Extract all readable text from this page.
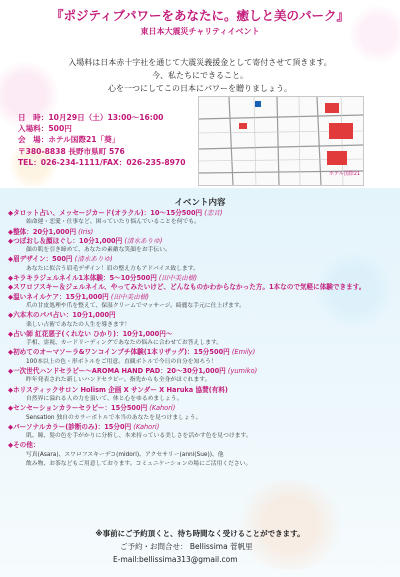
『ポジティブパワーをあなたに。癒しと美のパーク』
東日本大震災チャリティイベント
入場料は日本赤十字社を通じて大震災義援金として寄付させて頂きます。
今、私たちにできること。
心を一つにしてこの日本にパワーを贈りましょう。
日　時：10月29日（土）13:00〜16:00
入場料：500円
会　場：ホテル国際21「葵」
〒380-8838 長野市県町 576
TEL：026-234-1111/FAX：026-235-8970
ホテル国際21
イベント内容
◆タロット占い、メッセージカード(オラクル)：10〜15分500円 (恋音)
始命運・恋愛・仕事など、困っていたり悩んでいることを何でも。
◆整体：20分1,000円 (Iris)
◆つぼおし＆顔ほぐし：10分1,000円 (清水ありゆ)
顔の肌を引き締めて、あなたの素敵な笑顔をお手伝い。
◆眉デザイン：500円 (清水ありゆ)
あなたに似合う眉毛デザイン！眉の整え方もアドバイス致します。
◆キラキラジェルネイル1本体験：5〜10分500円 (田中美由樹)
◆スワロフスキー＆ジェルネイル、やってみたいけど、どんなものかわからなかった方。1本なので気軽に体験できます。
◆温いネイルケア：15分1,000円 (田中美由樹)
爪の甘皮処理や爪を整えて、保湿クリームでマッサージ。綺麗な手元に仕上げます。
◆六本木のパパ占い：10分1,000円
楽しい占術であなたの人生を導きます！
◆占い師 紅花悪子(くれない ひかり)：10分1,000円〜
手相、霊視、カードリーディングであなたの悩みに合わせてお答えします。
◆初めてのオーマソーラ&ワンコインプチ体験(1本リザッグ)：15分500円 (Emily)
100本以上の色・形ボトルをご用意。直観ボトルで今日の自分を知ろう！
◆一次世代ハンドセラピー〜AROMA HAND PAD：20〜30分1,000円 (yumiko)
昨年発表された新しいハンドセラピー。指先からも全身がほぐれます。
◆ホリスティックサロン Holism 企画 X サンダー X Haruka 協賛(有料)
自然界に溢れる人の力を頂いて、体と心をゆるめましょう。
◆センセーションカラーセラピー：15分500円 (Kahori)
Sensation 独自のカラーボトルで本当のあなたを見つけましょう。
◆パーソナルカラー(診断のみ)：15分0円 (Kahori)
肌、瞳、髪の色を手がかりに分析し、本来持っている美しさを活かす色を見つけます。
◆その他：
写真(Asara)、スワロフスキーデコ(midori)、アクセサリー(anni(Sue))、他
飲み物、お茶などもご用意しております。コミュニケーションの場にご活用ください。
※事前にご予約頂くと、待ち時間なく受けることができます。
ご予約・お問合せ： Bellissima 菅帆里
E-mail:bellissima313@gmail.com
